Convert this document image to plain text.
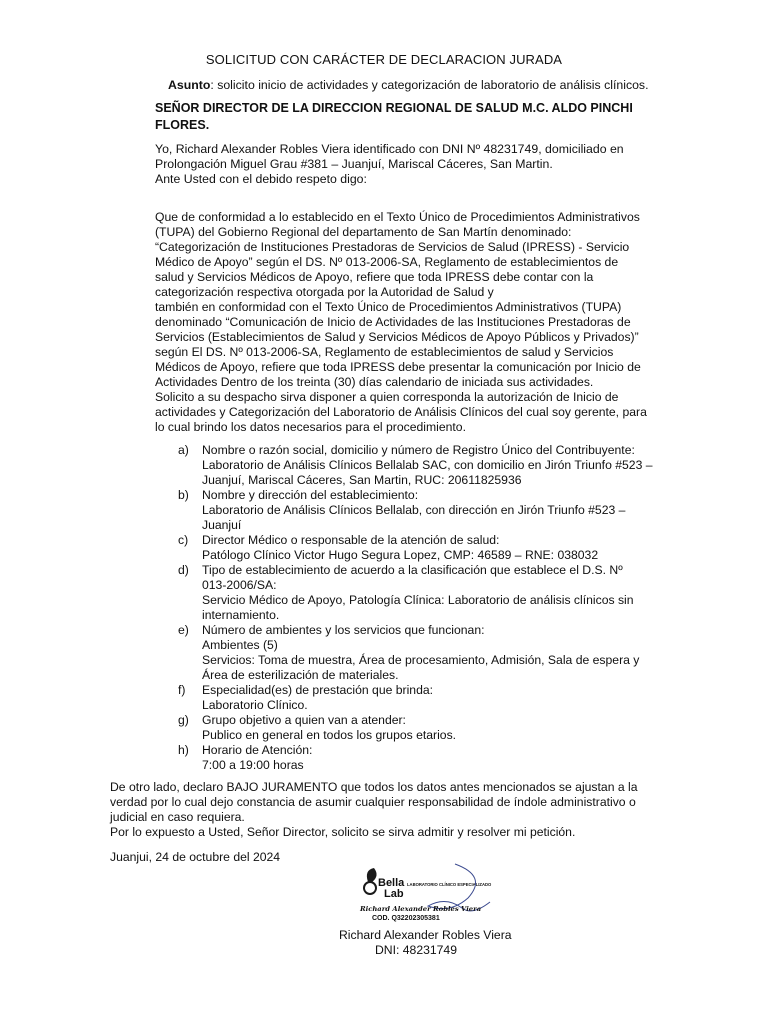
SOLICITUD CON CARÁCTER DE DECLARACION JURADA
Asunto: solicito inicio de actividades y categorización de laboratorio de análisis clínicos.
SEÑOR DIRECTOR DE LA DIRECCION REGIONAL DE SALUD M.C. ALDO PINCHI FLORES.
Yo, Richard Alexander Robles Viera identificado con DNI Nº 48231749, domiciliado en
Prolongación Miguel Grau #381 – Juanjuí, Mariscal Cáceres, San Martin.
Ante Usted con el debido respeto digo:

Que de conformidad a lo establecido en el Texto Único de Procedimientos Administrativos

(TUPA) del Gobierno Regional del departamento de San Martín denominado:

“Categorización de Instituciones Prestadoras de Servicios de Salud (IPRESS) - Servicio

Médico de Apoyo” según el DS. Nº 013-2006-SA, Reglamento de establecimientos de

salud y Servicios Médicos de Apoyo, refiere que toda IPRESS debe contar con la

categorización respectiva otorgada por la Autoridad de Salud y

también en conformidad con el Texto Único de Procedimientos Administrativos (TUPA)

denominado “Comunicación de Inicio de Actividades de las Instituciones Prestadoras de

Servicios (Establecimientos de Salud y Servicios Médicos de Apoyo Públicos y Privados)”

según El DS. Nº 013-2006-SA, Reglamento de establecimientos de salud y Servicios

Médicos de Apoyo, refiere que toda IPRESS debe presentar la comunicación por Inicio de

Actividades Dentro de los treinta (30) días calendario de iniciada sus actividades.

Solicito a su despacho sirva disponer a quien corresponda la autorización de Inicio de

actividades y Categorización del Laboratorio de Análisis Clínicos del cual soy gerente, para

lo cual brindo los datos necesarios para el procedimiento.

a)	Nombre o razón social, domicilio y número de Registro Único del Contribuyente:
Laboratorio de Análisis Clínicos Bellalab SAC, con domicilio en Jirón Triunfo #523 –
Juanjuí, Mariscal Cáceres, San Martin, RUC: 20611825936
b)	Nombre y dirección del establecimiento:
Laboratorio de Análisis Clínicos Bellalab, con dirección en Jirón Triunfo #523 –
Juanjuí
c)	Director Médico o responsable de la atención de salud:
Patólogo Clínico Victor Hugo Segura Lopez, CMP: 46589 – RNE: 038032
d)	Tipo de establecimiento de acuerdo a la clasificación que establece el D.S. Nº
013-2006/SA:
Servicio Médico de Apoyo, Patología Clínica: Laboratorio de análisis clínicos sin
internamiento.
e)	Número de ambientes y los servicios que funcionan:
Ambientes (5)
Servicios: Toma de muestra, Área de procesamiento, Admisión, Sala de espera y
Área de esterilización de materiales.
f)	Especialidad(es) de prestación que brinda:
Laboratorio Clínico.
g)	Grupo objetivo a quien van a atender:
Publico en general en todos los grupos etarios.
h)	Horario de Atención:
7:00 a 19:00 horas

De otro lado, declaro BAJO JURAMENTO que todos los datos antes mencionados se ajustan a la

verdad por lo cual dejo constancia de asumir cualquier responsabilidad de índole administrativo o

judicial en caso requiera.

Por lo expuesto a Usted, Señor Director, solicito se sirva admitir y resolver mi petición.

Juanjui, 24 de octubre del 2024
Bella
Lab
LABORATORIO CLÍNICO ESPECIALIZADO
Richard Alexander Robles Viera
COD. Q32202305381
Richard Alexander Robles Viera
DNI: 48231749
